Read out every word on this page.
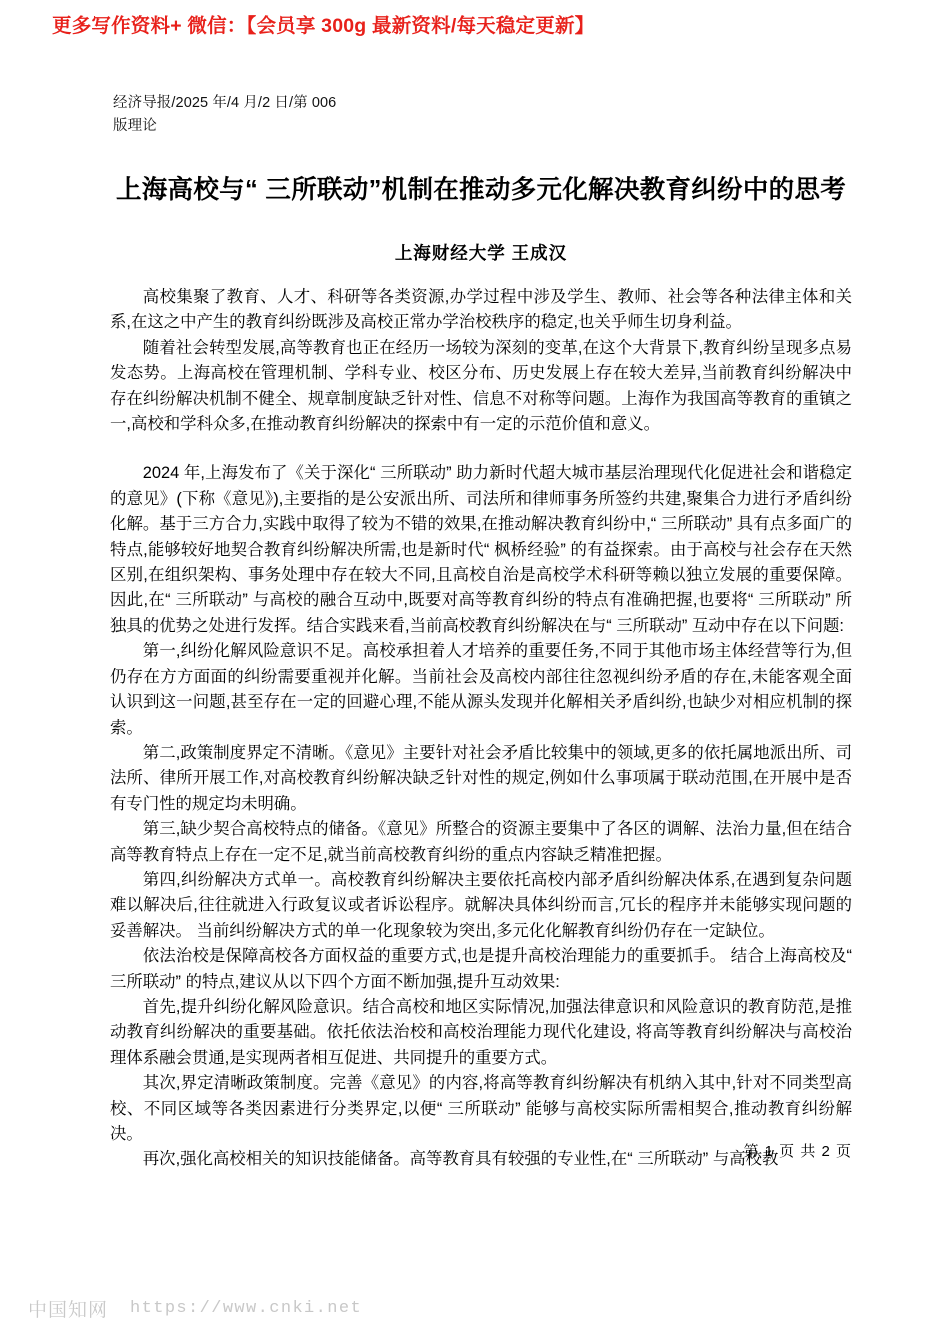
更多写作资料+ 微信：【会员享 300g 最新资料/每天稳定更新】
经济导报/2025 年/4 月/2 日/第 006
版理论
上海高校与“ 三所联动”机制在推动多元化解决教育纠纷中的思考
上海财经大学 王成汉

高校集聚了教育、人才、科研等各类资源,办学过程中涉及学生、教师、社会等各种法律主体和关系,在这之中产生的教育纠纷既涉及高校正常办学治校秩序的稳定,也关乎师生切身利益。

随着社会转型发展,高等教育也正在经历一场较为深刻的变革,在这个大背景下,教育纠纷呈现多点易发态势。上海高校在管理机制、学科专业、校区分布、历史发展上存在较大差异,当前教育纠纷解决中存在纠纷解决机制不健全、规章制度缺乏针对性、信息不对称等问题。上海作为我国高等教育的重镇之一,高校和学科众多,在推动教育纠纷解决的探索中有一定的示范价值和意义。

2024 年,上海发布了《关于深化“ 三所联动” 助力新时代超大城市基层治理现代化促进社会和谐稳定的意见》(下称《意见》),主要指的是公安派出所、司法所和律师事务所签约共建,聚集合力进行矛盾纠纷化解。基于三方合力,实践中取得了较为不错的效果,在推动解决教育纠纷中,“ 三所联动” 具有点多面广的特点,能够较好地契合教育纠纷解决所需,也是新时代“ 枫桥经验” 的有益探索。由于高校与社会存在天然区别,在组织架构、事务处理中存在较大不同,且高校自治是高校学术科研等赖以独立发展的重要保障。因此,在“ 三所联动” 与高校的融合互动中,既要对高等教育纠纷的特点有准确把握,也要将“ 三所联动” 所独具的优势之处进行发挥。结合实践来看,当前高校教育纠纷解决在与“ 三所联动” 互动中存在以下问题:

第一,纠纷化解风险意识不足。高校承担着人才培养的重要任务,不同于其他市场主体经营等行为,但仍存在方方面面的纠纷需要重视并化解。当前社会及高校内部往往忽视纠纷矛盾的存在,未能客观全面认识到这一问题,甚至存在一定的回避心理,不能从源头发现并化解相关矛盾纠纷,也缺少对相应机制的探索。

第二,政策制度界定不清晰。《意见》主要针对社会矛盾比较集中的领域,更多的依托属地派出所、司法所、律所开展工作,对高校教育纠纷解决缺乏针对性的规定,例如什么事项属于联动范围,在开展中是否有专门性的规定均未明确。

第三,缺少契合高校特点的储备。《意见》所整合的资源主要集中了各区的调解、法治力量,但在结合高等教育特点上存在一定不足,就当前高校教育纠纷的重点内容缺乏精准把握。

第四,纠纷解决方式单一。高校教育纠纷解决主要依托高校内部矛盾纠纷解决体系,在遇到复杂问题难以解决后,往往就进入行政复议或者诉讼程序。就解决具体纠纷而言,冗长的程序并未能够实现问题的妥善解决。 当前纠纷解决方式的单一化现象较为突出,多元化化解教育纠纷仍存在一定缺位。

依法治校是保障高校各方面权益的重要方式,也是提升高校治理能力的重要抓手。 结合上海高校及“ 三所联动” 的特点,建议从以下四个方面不断加强,提升互动效果:

首先,提升纠纷化解风险意识。结合高校和地区实际情况,加强法律意识和风险意识的教育防范,是推动教育纠纷解决的重要基础。依托依法治校和高校治理能力现代化建设, 将高等教育纠纷解决与高校治理体系融会贯通,是实现两者相互促进、共同提升的重要方式。

其次,界定清晰政策制度。完善《意见》的内容,将高等教育纠纷解决有机纳入其中,针对不同类型高校、不同区域等各类因素进行分类界定,以便“ 三所联动” 能够与高校实际所需相契合,推动教育纠纷解决。

再次,强化高校相关的知识技能储备。高等教育具有较强的专业性,在“ 三所联动” 与高校教

第 1 页 共 2 页
中国知网 https://www.cnki.net
